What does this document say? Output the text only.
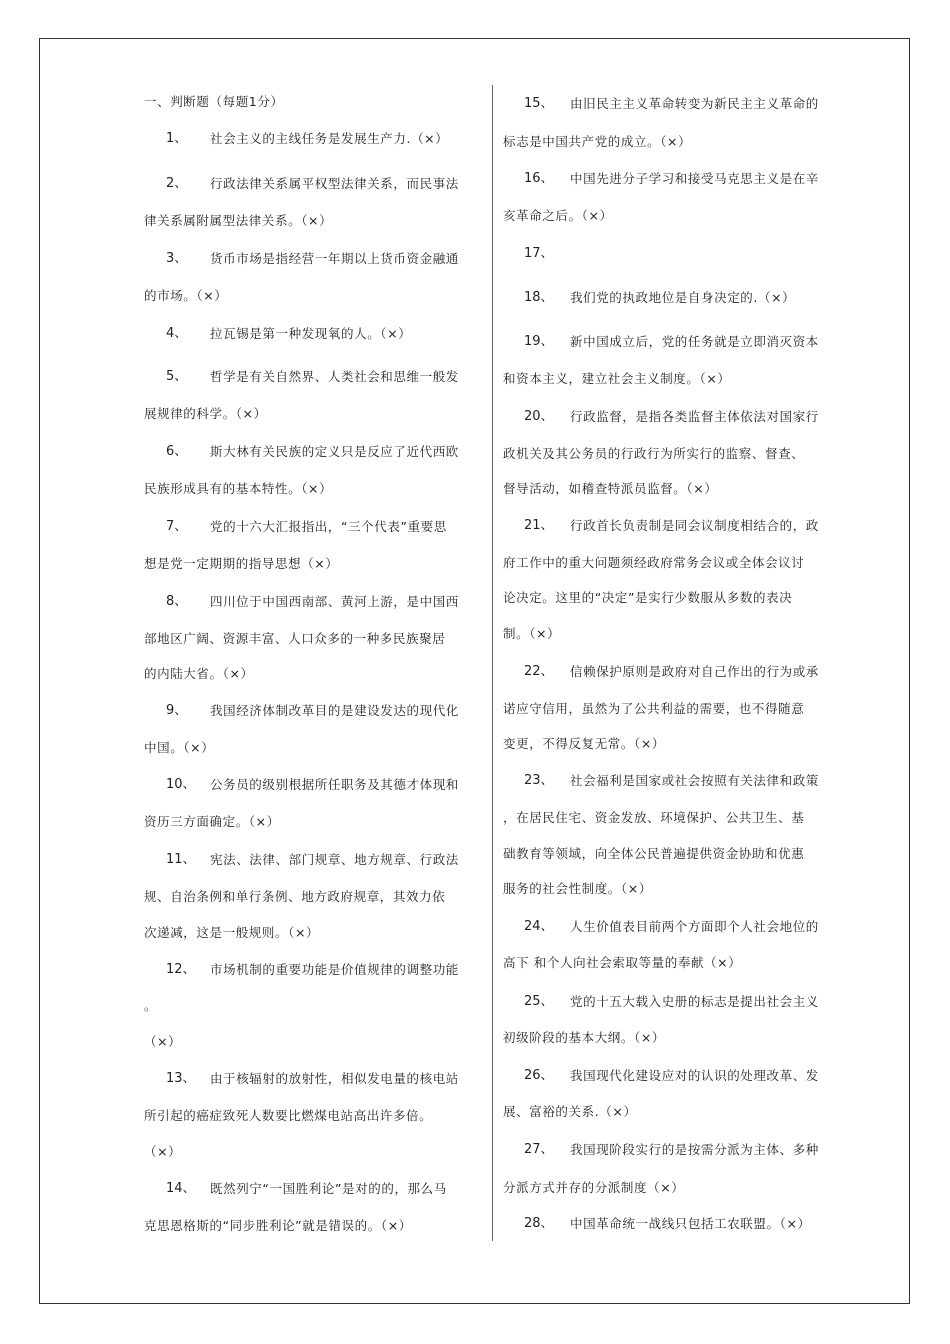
一、判断题（每题1分）
1、 社会主义的主线任务是发展生产力.（×）
2、 行政法律关系属平权型法律关系，而民事法
律关系属附属型法律关系。（×）
3、 货币市场是指经营一年期以上货币资金融通
的市场。（×）
4、 拉瓦锡是第一种发现氧的人。（×）
5、 哲学是有关自然界、人类社会和思维一般发
展规律的科学。（×）
6、 斯大林有关民族的定义只是反应了近代西欧
民族形成具有的基本特性。（×）
7、 党的十六大汇报指出，“三个代表”重要思
想是党一定期期的指导思想（×）
8、 四川位于中国西南部、黄河上游，是中国西
部地区广阔、资源丰富、人口众多的一种多民族聚居
的内陆大省。（×）
9、 我国经济体制改革目的是建设发达的现代化
中国。（×）
10、 公务员的级别根据所任职务及其德才体现和
资历三方面确定。（×）
11、 宪法、法律、部门规章、地方规章、行政法
规、自治条例和单行条例、地方政府规章，其效力依
次递减，这是一般规则。（×）
12、 市场机制的重要功能是价值规律的调整功能
。
（×）
13、 由于核辐射的放射性，相似发电量的核电站
所引起的癌症致死人数要比燃煤电站高出许多倍。
（×）
14、 既然列宁“一国胜利论”是对的的，那么马
克思恩格斯的“同步胜利论”就是错误的。（×）
15、 由旧民主主义革命转变为新民主主义革命的
标志是中国共产党的成立。（×）
16、 中国先进分子学习和接受马克思主义是在辛
亥革命之后。（×）
17、
18、 我们党的执政地位是自身决定的.（×）
19、 新中国成立后，党的任务就是立即消灭资本
和资本主义，建立社会主义制度。（×）
20、 行政监督，是指各类监督主体依法对国家行
政机关及其公务员的行政行为所实行的监察、督查、
督导活动，如稽查特派员监督。（×）
21、 行政首长负责制是同会议制度相结合的，政
府工作中的重大问题须经政府常务会议或全体会议讨
论决定。这里的“决定”是实行少数服从多数的表决
制。（×）
22、 信赖保护原则是政府对自己作出的行为或承
诺应守信用，虽然为了公共利益的需要，也不得随意
变更，不得反复无常。（×）
23、 社会福利是国家或社会按照有关法律和政策
，在居民住宅、资金发放、环境保护、公共卫生、基
础教育等领域，向全体公民普遍提供资金协助和优惠
服务的社会性制度。（×）
24、 人生价值表目前两个方面即个人社会地位的
高下 和个人向社会索取等量的奉献（×）
25、 党的十五大载入史册的标志是提出社会主义
初级阶段的基本大纲。（×）
26、 我国现代化建设应对的认识的处理改革、发
展、富裕的关系.（×）
27、 我国现阶段实行的是按需分派为主体、多种
分派方式并存的分派制度（×）
28、 中国革命统一战线只包括工农联盟。（×）
